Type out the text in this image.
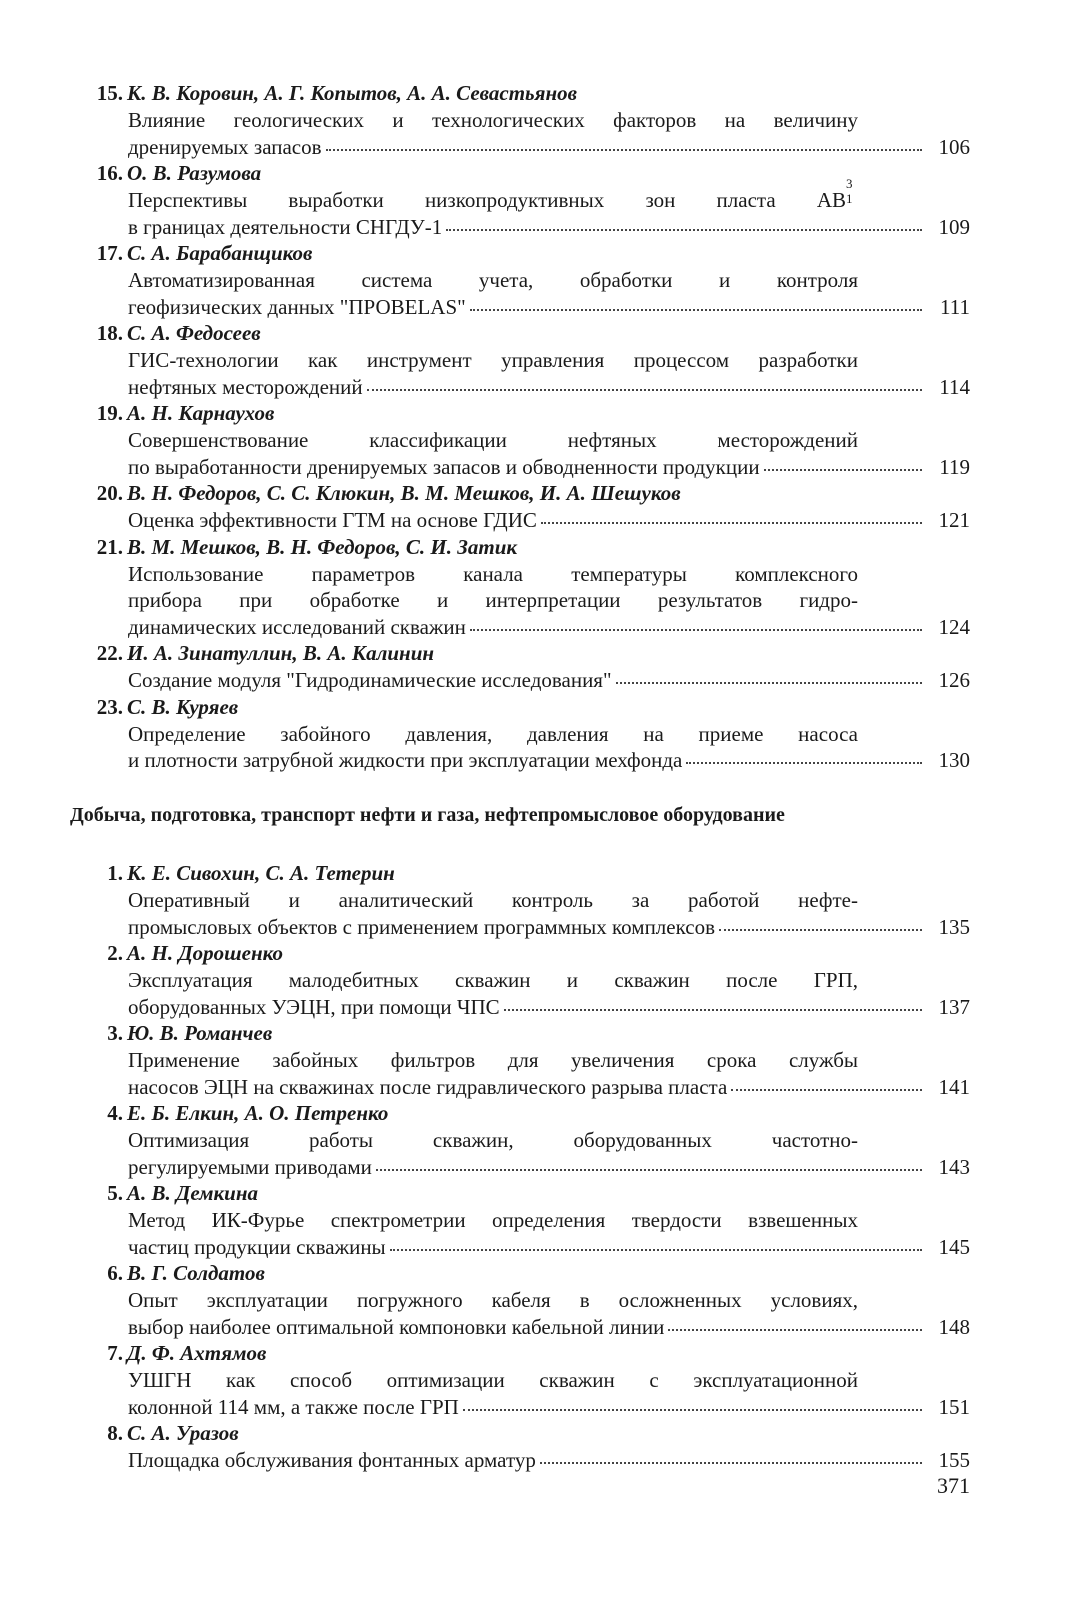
15. К. В. Коровин, А. Г. Копытов, А. А. Севастьянов
Влияние геологических и технологических факторов на величину
дренируемых запасов	106
16. О. В. Разумова
Перспективы выработки низкопродуктивных зон пласта АВ
3
1
в границах деятельности СНГДУ-1	109
17. С. А. Барабанщиков
Автоматизированная система учета, обработки и контроля
геофизических данных "ПРОBELAS"	111
18. С. А. Федосеев
ГИС-технологии как инструмент управления процессом разработки
нефтяных месторождений	114
19. А. Н. Карнаухов
Совершенствование классификации нефтяных месторождений
по выработанности дренируемых запасов и обводненности продукции	119
20. В. Н. Федоров, С. С. Клюкин, В. М. Мешков, И. А. Шешуков
Оценка эффективности ГТМ на основе ГДИС	121
21. В. М. Мешков, В. Н. Федоров, С. И. Затик
Использование параметров канала температуры комплексного
прибора при обработке и интерпретации результатов гидро-
динамических исследований скважин	124
22. И. А. Зинатуллин, В. А. Калинин
Создание модуля "Гидродинамические исследования"	126
23. С. В. Куряев
Определение забойного давления, давления на приеме насоса
и плотности затрубной жидкости при эксплуатации мехфонда	130
Добыча, подготовка, транспорт нефти и газа, нефтепромысловое оборудование
1. К. Е. Сивохин, С. А. Тетерин
Оперативный и аналитический контроль за работой нефте-
промысловых объектов с применением программных комплексов	135
2. А. Н. Дорошенко
Эксплуатация малодебитных скважин и скважин после ГРП,
оборудованных УЭЦН, при помощи ЧПС	137
3. Ю. В. Романчев
Применение забойных фильтров для увеличения срока службы
насосов ЭЦН на скважинах после гидравлического разрыва пласта	141
4. Е. Б. Елкин, А. О. Петренко
Оптимизация работы скважин, оборудованных частотно-
регулируемыми приводами	143
5. А. В. Демкина
Метод ИК-Фурье спектрометрии определения твердости взвешенных
частиц продукции скважины	145
6. В. Г. Солдатов
Опыт эксплуатации погружного кабеля в осложненных условиях,
выбор наиболее оптимальной компоновки кабельной линии	148
7. Д. Ф. Ахтямов
УШГН как способ оптимизации скважин с эксплуатационной
колонной 114 мм, а также после ГРП	151
8. С. А. Уразов
Площадка обслуживания фонтанных арматур	155
371
